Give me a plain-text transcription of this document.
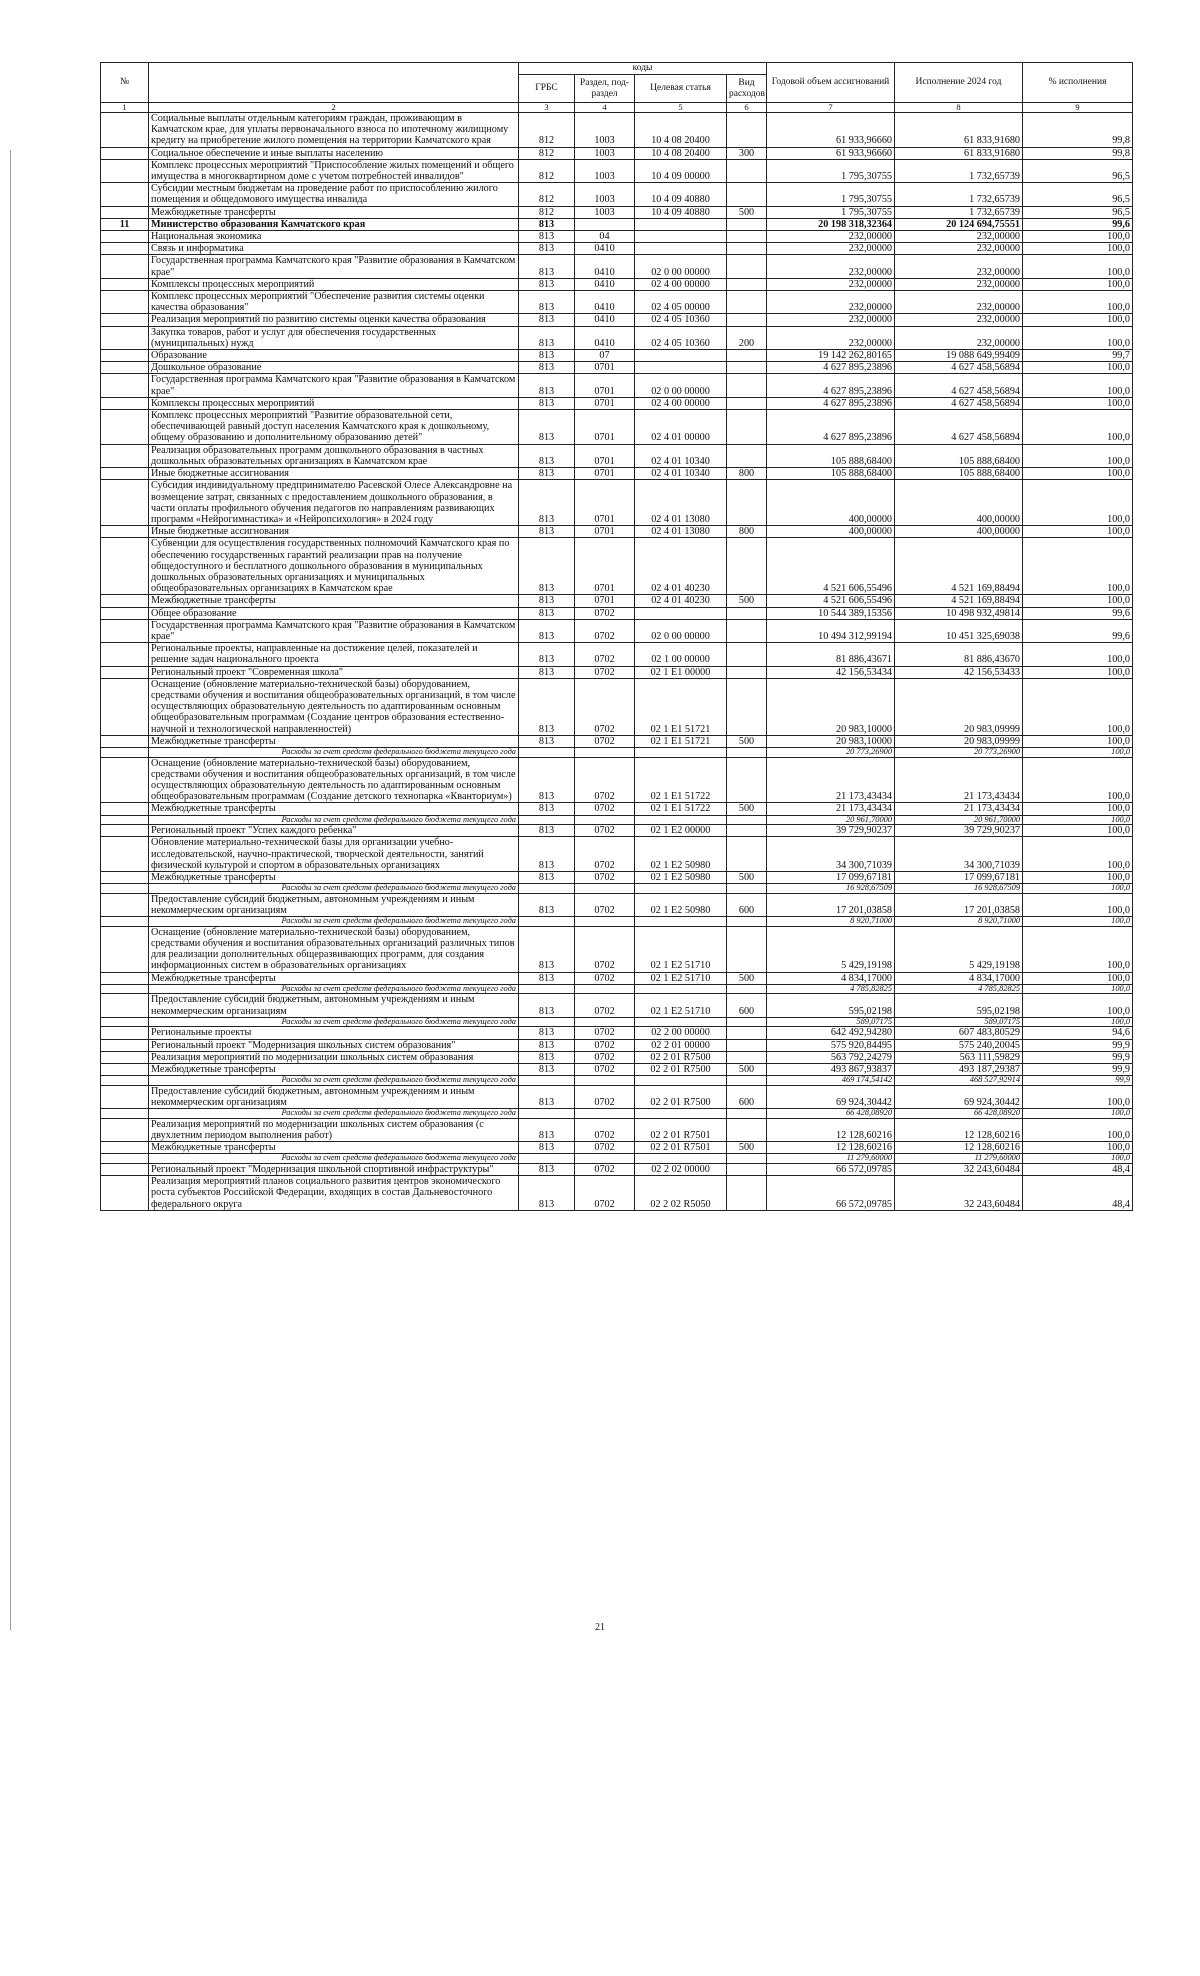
№		коды				Годовой объем ассигнований	Исполнение 2024 год	% исполнения
		ГРБС	Раздел, под-раздел	Целевая статья	Вид расходов			
1	2	3	4	5	6	7	8	9
	Социальные выплаты отдельным категориям граждан, проживающим в Камчатском крае, для уплаты первоначального взноса по ипотечному жилищному кредиту на приобретение жилого помещения на территории Камчатского края	812	1003	10 4 08 20400		61 933,96660	61 833,91680	99,8
	Социальное обеспечение и иные выплаты населению	812	1003	10 4 08 20400	300	61 933,96660	61 833,91680	99,8
	Комплекс процессных мероприятий "Приспособление жилых помещений и общего имущества в многоквартирном доме с учетом потребностей инвалидов"	812	1003	10 4 09 00000		1 795,30755	1 732,65739	96,5
	Субсидии местным бюджетам на проведение работ по приспособлению жилого помещения и общедомового имущества инвалида	812	1003	10 4 09 40880		1 795,30755	1 732,65739	96,5
	Межбюджетные трансферты	812	1003	10 4 09 40880	500	1 795,30755	1 732,65739	96,5
11	Министерство образования Камчатского края	813				20 198 318,32364	20 124 694,75551	99,6
	Национальная экономика	813	04			232,00000	232,00000	100,0
	Связь и информатика	813	0410			232,00000	232,00000	100,0
	Государственная программа Камчатского края "Развитие образования в Камчатском крае"	813	0410	02 0 00 00000		232,00000	232,00000	100,0
	Комплексы процессных мероприятий	813	0410	02 4 00 00000		232,00000	232,00000	100,0
	Комплекс процессных мероприятий "Обеспечение развития системы оценки качества образования"	813	0410	02 4 05 00000		232,00000	232,00000	100,0
	Реализация мероприятий по развитию системы оценки качества образования	813	0410	02 4 05 10360		232,00000	232,00000	100,0
	Закупка товаров, работ и услуг для обеспечения государственных (муниципальных) нужд	813	0410	02 4 05 10360	200	232,00000	232,00000	100,0
	Образование	813	07			19 142 262,80165	19 088 649,99409	99,7
	Дошкольное образование	813	0701			4 627 895,23896	4 627 458,56894	100,0
	Государственная программа Камчатского края "Развитие образования в Камчатском крае"	813	0701	02 0 00 00000		4 627 895,23896	4 627 458,56894	100,0
	Комплексы процессных мероприятий	813	0701	02 4 00 00000		4 627 895,23896	4 627 458,56894	100,0
	Комплекс процессных мероприятий "Развитие образовательной сети, обеспечивающей равный доступ населения Камчатского края к дошкольному, общему образованию и дополнительному образованию детей"	813	0701	02 4 01 00000		4 627 895,23896	4 627 458,56894	100,0
	Реализация образовательных программ дошкольного образования в частных дошкольных образовательных организациях в Камчатском крае	813	0701	02 4 01 10340		105 888,68400	105 888,68400	100,0
	Иные бюджетные ассигнования	813	0701	02 4 01 10340	800	105 888,68400	105 888,68400	100,0
	Субсидия индивидуальному предпринимателю Расевской Олесе Александровне на возмещение затрат, связанных с предоставлением дошкольного образования, в части оплаты профильного обучения педагогов по направлениям развивающих программ «Нейрогимнастика» и «Нейропсихология» в 2024 году	813	0701	02 4 01 13080		400,00000	400,00000	100,0
	Иные бюджетные ассигнования	813	0701	02 4 01 13080	800	400,00000	400,00000	100,0
	Субвенции для осуществления государственных полномочий Камчатского края по обеспечению государственных гарантий реализации прав на получение общедоступного и бесплатного дошкольного образования в муниципальных дошкольных образовательных организациях и муниципальных общеобразовательных организациях в Камчатском крае	813	0701	02 4 01 40230		4 521 606,55496	4 521 169,88494	100,0
	Межбюджетные трансферты	813	0701	02 4 01 40230	500	4 521 606,55496	4 521 169,88494	100,0
	Общее образование	813	0702			10 544 389,15356	10 498 932,49814	99,6
	Государственная программа Камчатского края "Развитие образования в Камчатском крае"	813	0702	02 0 00 00000		10 494 312,99194	10 451 325,69038	99,6
	Региональные проекты, направленные на достижение целей, показателей и решение задач национального проекта	813	0702	02 1 00 00000		81 886,43671	81 886,43670	100,0
	Региональный проект "Современная школа"	813	0702	02 1 E1 00000		42 156,53434	42 156,53433	100,0
	Оснащение (обновление материально-технической базы) оборудованием, средствами обучения и воспитания общеобразовательных организаций, в том числе осуществляющих образовательную деятельность по адаптированным основным общеобразовательным программам (Создание центров образования естественно-научной и технологической направленностей)	813	0702	02 1 E1 51721		20 983,10000	20 983,09999	100,0
	Межбюджетные трансферты	813	0702	02 1 E1 51721	500	20 983,10000	20 983,09999	100,0
	Расходы за счет средств федерального бюджета текущего года					20 773,26900	20 773,26900	100,0
	Оснащение (обновление материально-технической базы) оборудованием, средствами обучения и воспитания общеобразовательных организаций, в том числе осуществляющих образовательную деятельность по адаптированным основным общеобразовательным программам (Создание детского технопарка «Кванториум»)	813	0702	02 1 E1 51722		21 173,43434	21 173,43434	100,0
	Межбюджетные трансферты	813	0702	02 1 E1 51722	500	21 173,43434	21 173,43434	100,0
	Расходы за счет средств федерального бюджета текущего года					20 961,70000	20 961,70000	100,0
	Региональный проект "Успех каждого ребенка"	813	0702	02 1 E2 00000		39 729,90237	39 729,90237	100,0
	Обновление материально-технической базы для организации учебно-исследовательской, научно-практической, творческой деятельности, занятий физической культурой и спортом в образовательных организациях	813	0702	02 1 E2 50980		34 300,71039	34 300,71039	100,0
	Межбюджетные трансферты	813	0702	02 1 E2 50980	500	17 099,67181	17 099,67181	100,0
	Расходы за счет средств федерального бюджета текущего года					16 928,67509	16 928,67509	100,0
	Предоставление субсидий бюджетным, автономным учреждениям и иным некоммерческим организациям	813	0702	02 1 E2 50980	600	17 201,03858	17 201,03858	100,0
	Расходы за счет средств федерального бюджета текущего года					8 920,71000	8 920,71000	100,0
	Оснащение (обновление материально-технической базы) оборудованием, средствами обучения и воспитания образовательных организаций различных типов для реализации дополнительных общеразвивающих программ, для создания информационных систем в образовательных организациях	813	0702	02 1 E2 51710		5 429,19198	5 429,19198	100,0
	Межбюджетные трансферты	813	0702	02 1 E2 51710	500	4 834,17000	4 834,17000	100,0
	Расходы за счет средств федерального бюджета текущего года					4 785,82825	4 785,82825	100,0
	Предоставление субсидий бюджетным, автономным учреждениям и иным некоммерческим организациям	813	0702	02 1 E2 51710	600	595,02198	595,02198	100,0
	Расходы за счет средств федерального бюджета текущего года					589,07175	589,07175	100,0
	Региональные проекты	813	0702	02 2 00 00000		642 492,94280	607 483,80529	94,6
	Региональный проект "Модернизация школьных систем образования"	813	0702	02 2 01 00000		575 920,84495	575 240,20045	99,9
	Реализация мероприятий по модернизации школьных систем образования	813	0702	02 2 01 R7500		563 792,24279	563 111,59829	99,9
	Межбюджетные трансферты	813	0702	02 2 01 R7500	500	493 867,93837	493 187,29387	99,9
	Расходы за счет средств федерального бюджета текущего года					469 174,54142	468 527,92914	99,9
	Предоставление субсидий бюджетным, автономным учреждениям и иным некоммерческим организациям	813	0702	02 2 01 R7500	600	69 924,30442	69 924,30442	100,0
	Расходы за счет средств федерального бюджета текущего года					66 428,08920	66 428,08920	100,0
	Реализация мероприятий по модернизации школьных систем образования (с двухлетним периодом выполнения работ)	813	0702	02 2 01 R7501		12 128,60216	12 128,60216	100,0
	Межбюджетные трансферты	813	0702	02 2 01 R7501	500	12 128,60216	12 128,60216	100,0
	Расходы за счет средств федерального бюджета текущего года					11 279,60000	11 279,60000	100,0
	Региональный проект "Модернизация школьной спортивной инфраструктуры"	813	0702	02 2 02 00000		66 572,09785	32 243,60484	48,4
	Реализация мероприятий планов социального развития центров экономического роста субъектов Российской Федерации, входящих в состав Дальневосточного федерального округа	813	0702	02 2 02 R5050		66 572,09785	32 243,60484	48,4
21
